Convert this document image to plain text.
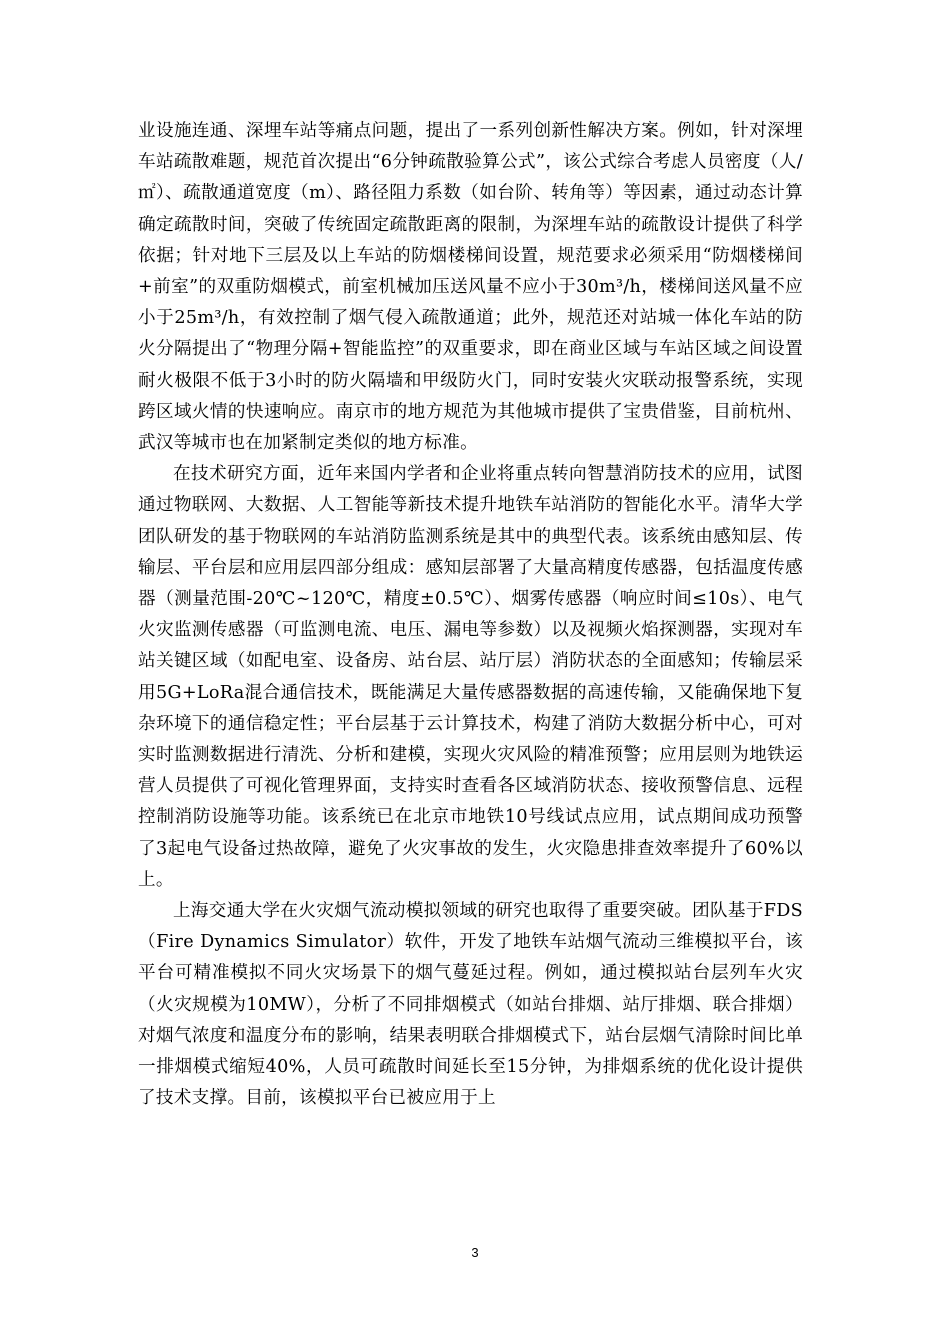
业设施连通、深埋车站等痛点问题，提出了一系列创新性解决方案。例如，针对深埋车站疏散难题，规范首次提出“6分钟疏散验算公式”，该公式综合考虑人员密度（人/㎡）、疏散通道宽度（m）、路径阻力系数（如台阶、转角等）等因素，通过动态计算确定疏散时间，突破了传统固定疏散距离的限制，为深埋车站的疏散设计提供了科学依据；针对地下三层及以上车站的防烟楼梯间设置，规范要求必须采用“防烟楼梯间+前室”的双重防烟模式，前室机械加压送风量不应小于30m³/h，楼梯间送风量不应小于25m³/h，有效控制了烟气侵入疏散通道；此外，规范还对站城一体化车站的防火分隔提出了“物理分隔+智能监控”的双重要求，即在商业区域与车站区域之间设置耐火极限不低于3小时的防火隔墙和甲级防火门，同时安装火灾联动报警系统，实现跨区域火情的快速响应。南京市的地方规范为其他城市提供了宝贵借鉴，目前杭州、武汉等城市也在加紧制定类似的地方标准。

在技术研究方面，近年来国内学者和企业将重点转向智慧消防技术的应用，试图通过物联网、大数据、人工智能等新技术提升地铁车站消防的智能化水平。清华大学团队研发的基于物联网的车站消防监测系统是其中的典型代表。该系统由感知层、传输层、平台层和应用层四部分组成：感知层部署了大量高精度传感器，包括温度传感器（测量范围-20℃~120℃，精度±0.5℃）、烟雾传感器（响应时间≤10s）、电气火灾监测传感器（可监测电流、电压、漏电等参数）以及视频火焰探测器，实现对车站关键区域（如配电室、设备房、站台层、站厅层）消防状态的全面感知；传输层采用5G+LoRa混合通信技术，既能满足大量传感器数据的高速传输，又能确保地下复杂环境下的通信稳定性；平台层基于云计算技术，构建了消防大数据分析中心，可对实时监测数据进行清洗、分析和建模，实现火灾风险的精准预警；应用层则为地铁运营人员提供了可视化管理界面，支持实时查看各区域消防状态、接收预警信息、远程控制消防设施等功能。该系统已在北京市地铁10号线试点应用，试点期间成功预警了3起电气设备过热故障，避免了火灾事故的发生，火灾隐患排查效率提升了60%以上。

上海交通大学在火灾烟气流动模拟领域的研究也取得了重要突破。团队基于FDS（Fire Dynamics Simulator）软件，开发了地铁车站烟气流动三维模拟平台，该平台可精准模拟不同火灾场景下的烟气蔓延过程。例如，通过模拟站台层列车火灾（火灾规模为10MW），分析了不同排烟模式（如站台排烟、站厅排烟、联合排烟）对烟气浓度和温度分布的影响，结果表明联合排烟模式下，站台层烟气清除时间比单一排烟模式缩短40%，人员可疏散时间延长至15分钟，为排烟系统的优化设计提供了技术支撑。目前，该模拟平台已被应用于上

3
